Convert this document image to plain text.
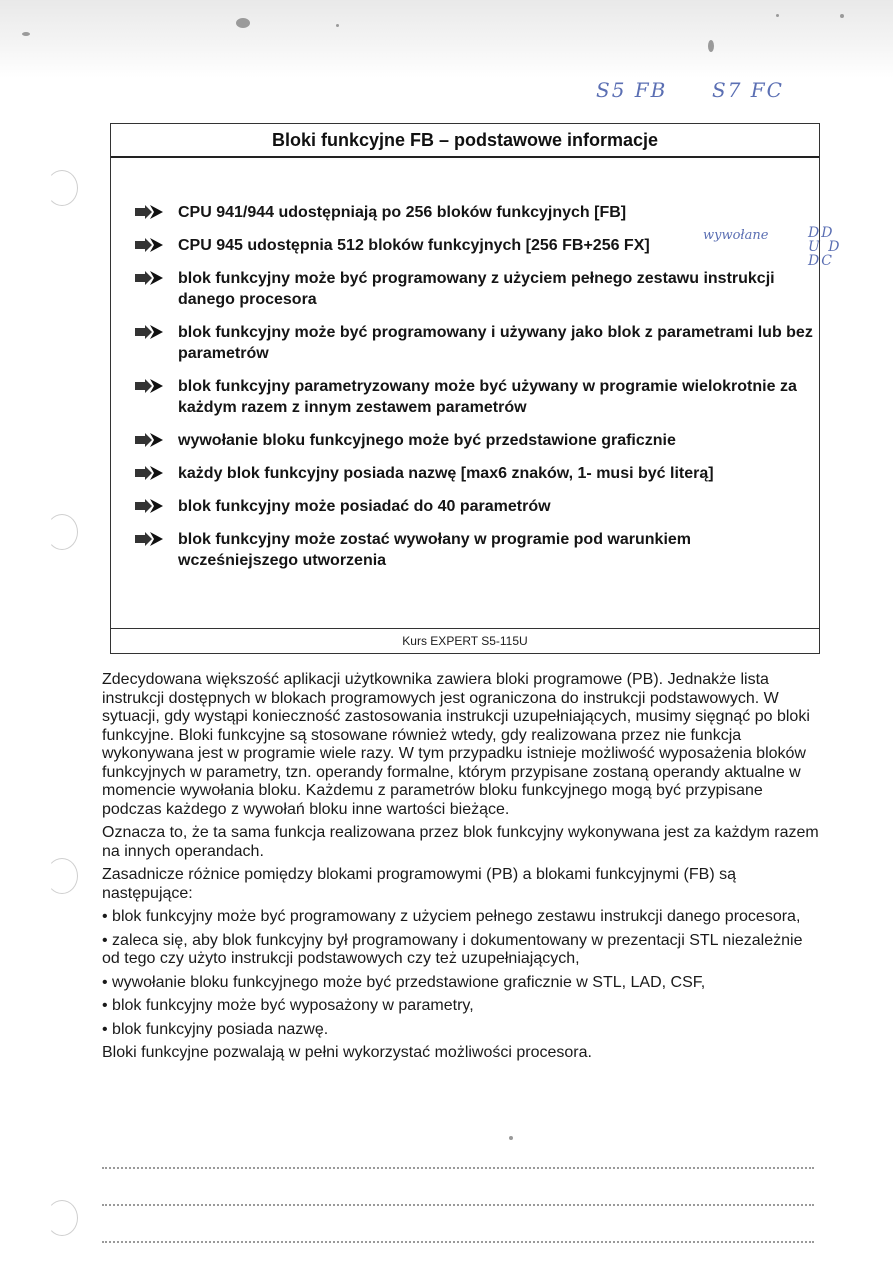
S5 FB S7 FC
wywołane	DDU DDC
Bloki funkcyjne FB – podstawowe informacje
CPU 941/944 udostępniają po 256 bloków funkcyjnych [FB]
CPU 945 udostępnia 512 bloków funkcyjnych [256 FB+256 FX]
blok funkcyjny może być programowany z użyciem pełnego zestawu instrukcji danego procesora
blok funkcyjny może być programowany i używany jako blok z parametrami lub bez parametrów
blok funkcyjny parametryzowany może być używany w programie wielokrotnie za każdym razem z innym zestawem parametrów
wywołanie bloku funkcyjnego może być przedstawione graficznie
każdy blok funkcyjny posiada nazwę [max6 znaków, 1- musi być literą]
blok funkcyjny może posiadać do 40 parametrów
blok funkcyjny może zostać wywołany w programie pod warunkiem wcześniejszego utworzenia
Kurs EXPERT S5-115U

Zdecydowana większość aplikacji użytkownika zawiera bloki programowe (PB). Jednakże lista instrukcji dostępnych w blokach programowych jest ograniczona do instrukcji podstawowych. W sytuacji, gdy wystąpi konieczność zastosowania instrukcji uzupełniających, musimy sięgnąć po bloki funkcyjne. Bloki funkcyjne są stosowane również wtedy, gdy realizowana przez nie funkcja wykonywana jest w programie wiele razy. W tym przypadku istnieje możliwość wyposażenia bloków funkcyjnych w parametry, tzn. operandy formalne, którym przypisane zostaną operandy aktualne w momencie wywołania bloku. Każdemu z parametrów bloku funkcyjnego mogą być przypisane podczas każdego z wywołań bloku inne wartości bieżące.

Oznacza to, że ta sama funkcja realizowana przez blok funkcyjny wykonywana jest za każdym razem na innych operandach.

Zasadnicze różnice pomiędzy blokami programowymi (PB) a blokami funkcyjnymi (FB) są następujące:

• blok funkcyjny może być programowany z użyciem pełnego zestawu instrukcji danego procesora,

• zaleca się, aby blok funkcyjny był programowany i dokumentowany w prezentacji STL niezależnie od tego czy użyto instrukcji podstawowych czy też uzupełniających,

• wywołanie bloku funkcyjnego może być przedstawione graficznie w STL, LAD, CSF,

• blok funkcyjny może być wyposażony w parametry,

• blok funkcyjny posiada nazwę.

Bloki funkcyjne pozwalają w pełni wykorzystać możliwości procesora.
